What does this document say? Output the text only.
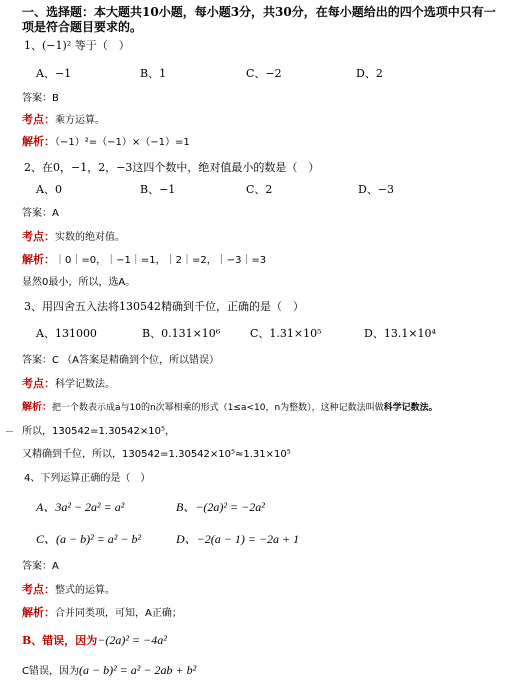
一、选择题：本大题共10小题，每小题3分，共30分，在每小题给出的四个选项中只有一
项是符合题目要求的。
1、(−1)² 等于（　）
A、−1	B、1	C、−2	D、2
答案：B
考点：乘方运算。
解析：（−1）²=（−1）×（−1）=1
2、在0，−1，2，−3这四个数中，绝对值最小的数是（　）
A、0	B、−1	C、2	D、−3
答案：A
考点：实数的绝对值。
解析：｜0｜=0，｜−1｜=1，｜2｜=2，｜−3｜=3
显然0最小，所以，选A。
3、用四舍五入法将130542精确到千位，正确的是（　）
A、131000	B、0.131×10⁶	C、1.31×10⁵	D、13.1×10⁴
答案：C （A答案是精确到个位，所以错误）
考点：科学记数法。
解析：把一个数表示成a与10的n次幂相乘的形式（1≤a<10，n为整数），这种记数法叫做科学记数法。
所以，130542=1.30542×10⁵，
又精确到千位，所以，130542=1.30542×10⁵≈1.31×10⁵
4、下列运算正确的是（　）
A、3a² − 2a² = a²	B、−(2a)² = −2a²
C、(a − b)² = a² − b²	D、−2(a − 1) = −2a + 1
答案：A
考点：整式的运算。
解析：合并同类项，可知，A正确；
B、错误，因为−(2a)² = −4a²
C错误，因为(a − b)² = a² − 2ab + b²
